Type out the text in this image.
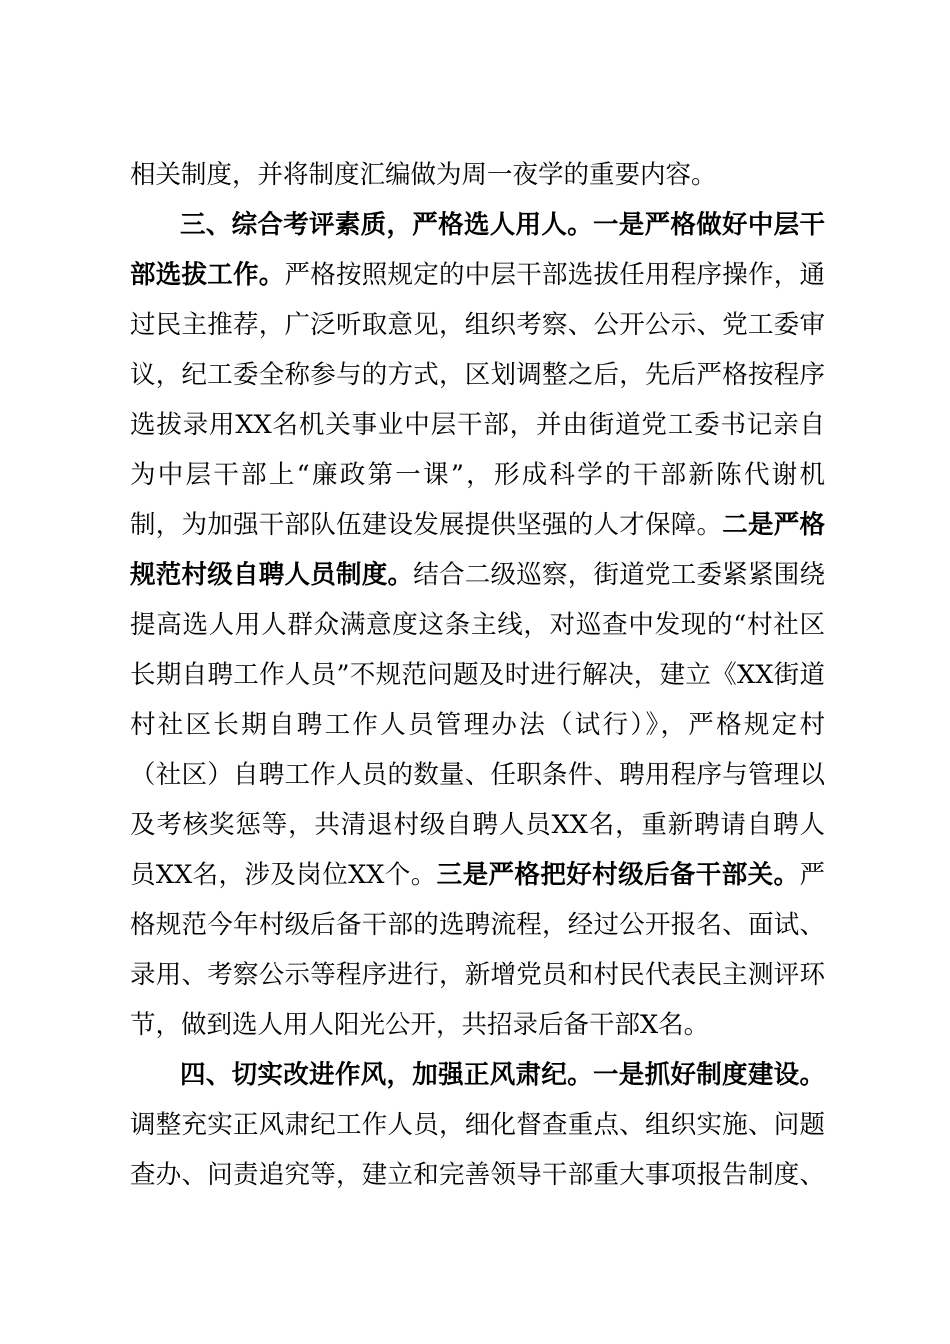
相关制度，并将制度汇编做为周一夜学的重要内容。
三、综合考评素质，严格选人用人。一是严格做好中层干
部选拔工作。严格按照规定的中层干部选拔任用程序操作，通
过民主推荐，广泛听取意见，组织考察、公开公示、党工委审
议，纪工委全称参与的方式，区划调整之后，先后严格按程序
选拔录用XX名机关事业中层干部，并由街道党工委书记亲自
为中层干部上“廉政第一课”，形成科学的干部新陈代谢机
制，为加强干部队伍建设发展提供坚强的人才保障。二是严格
规范村级自聘人员制度。结合二级巡察，街道党工委紧紧围绕
提高选人用人群众满意度这条主线，对巡查中发现的“村社区
长期自聘工作人员”不规范问题及时进行解决，建立《XX街道
村社区长期自聘工作人员管理办法（试行）》，严格规定村
（社区）自聘工作人员的数量、任职条件、聘用程序与管理以
及考核奖惩等，共清退村级自聘人员XX名，重新聘请自聘人
员XX名，涉及岗位XX个。三是严格把好村级后备干部关。严
格规范今年村级后备干部的选聘流程，经过公开报名、面试、
录用、考察公示等程序进行，新增党员和村民代表民主测评环
节，做到选人用人阳光公开，共招录后备干部X名。
四、切实改进作风，加强正风肃纪。一是抓好制度建设。
调整充实正风肃纪工作人员，细化督查重点、组织实施、问题
查办、问责追究等，建立和完善领导干部重大事项报告制度、
